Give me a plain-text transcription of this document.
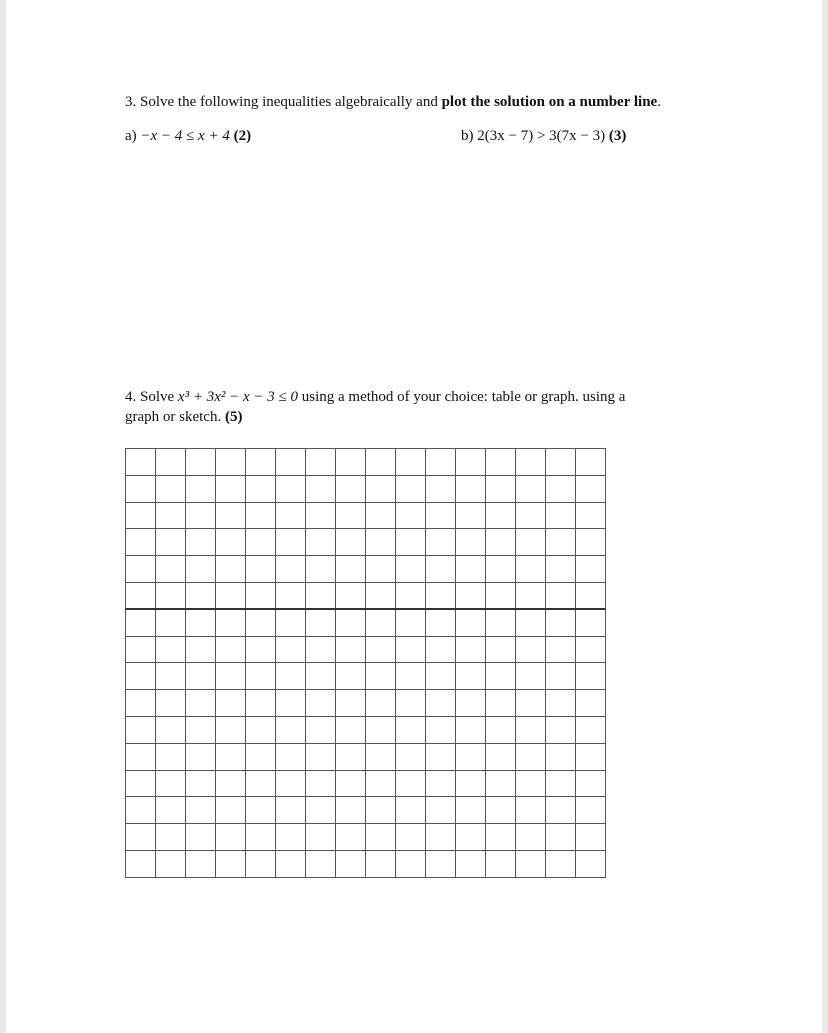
3. Solve the following inequalities algebraically and plot the solution on a number line.
a) −x − 4 ≤ x + 4 (2)	b) 2(3x − 7) > 3(7x − 3) (3)
4. Solve x³ + 3x² − x − 3 ≤ 0 using a method of your choice: table or graph. using a
graph or sketch. (5)
